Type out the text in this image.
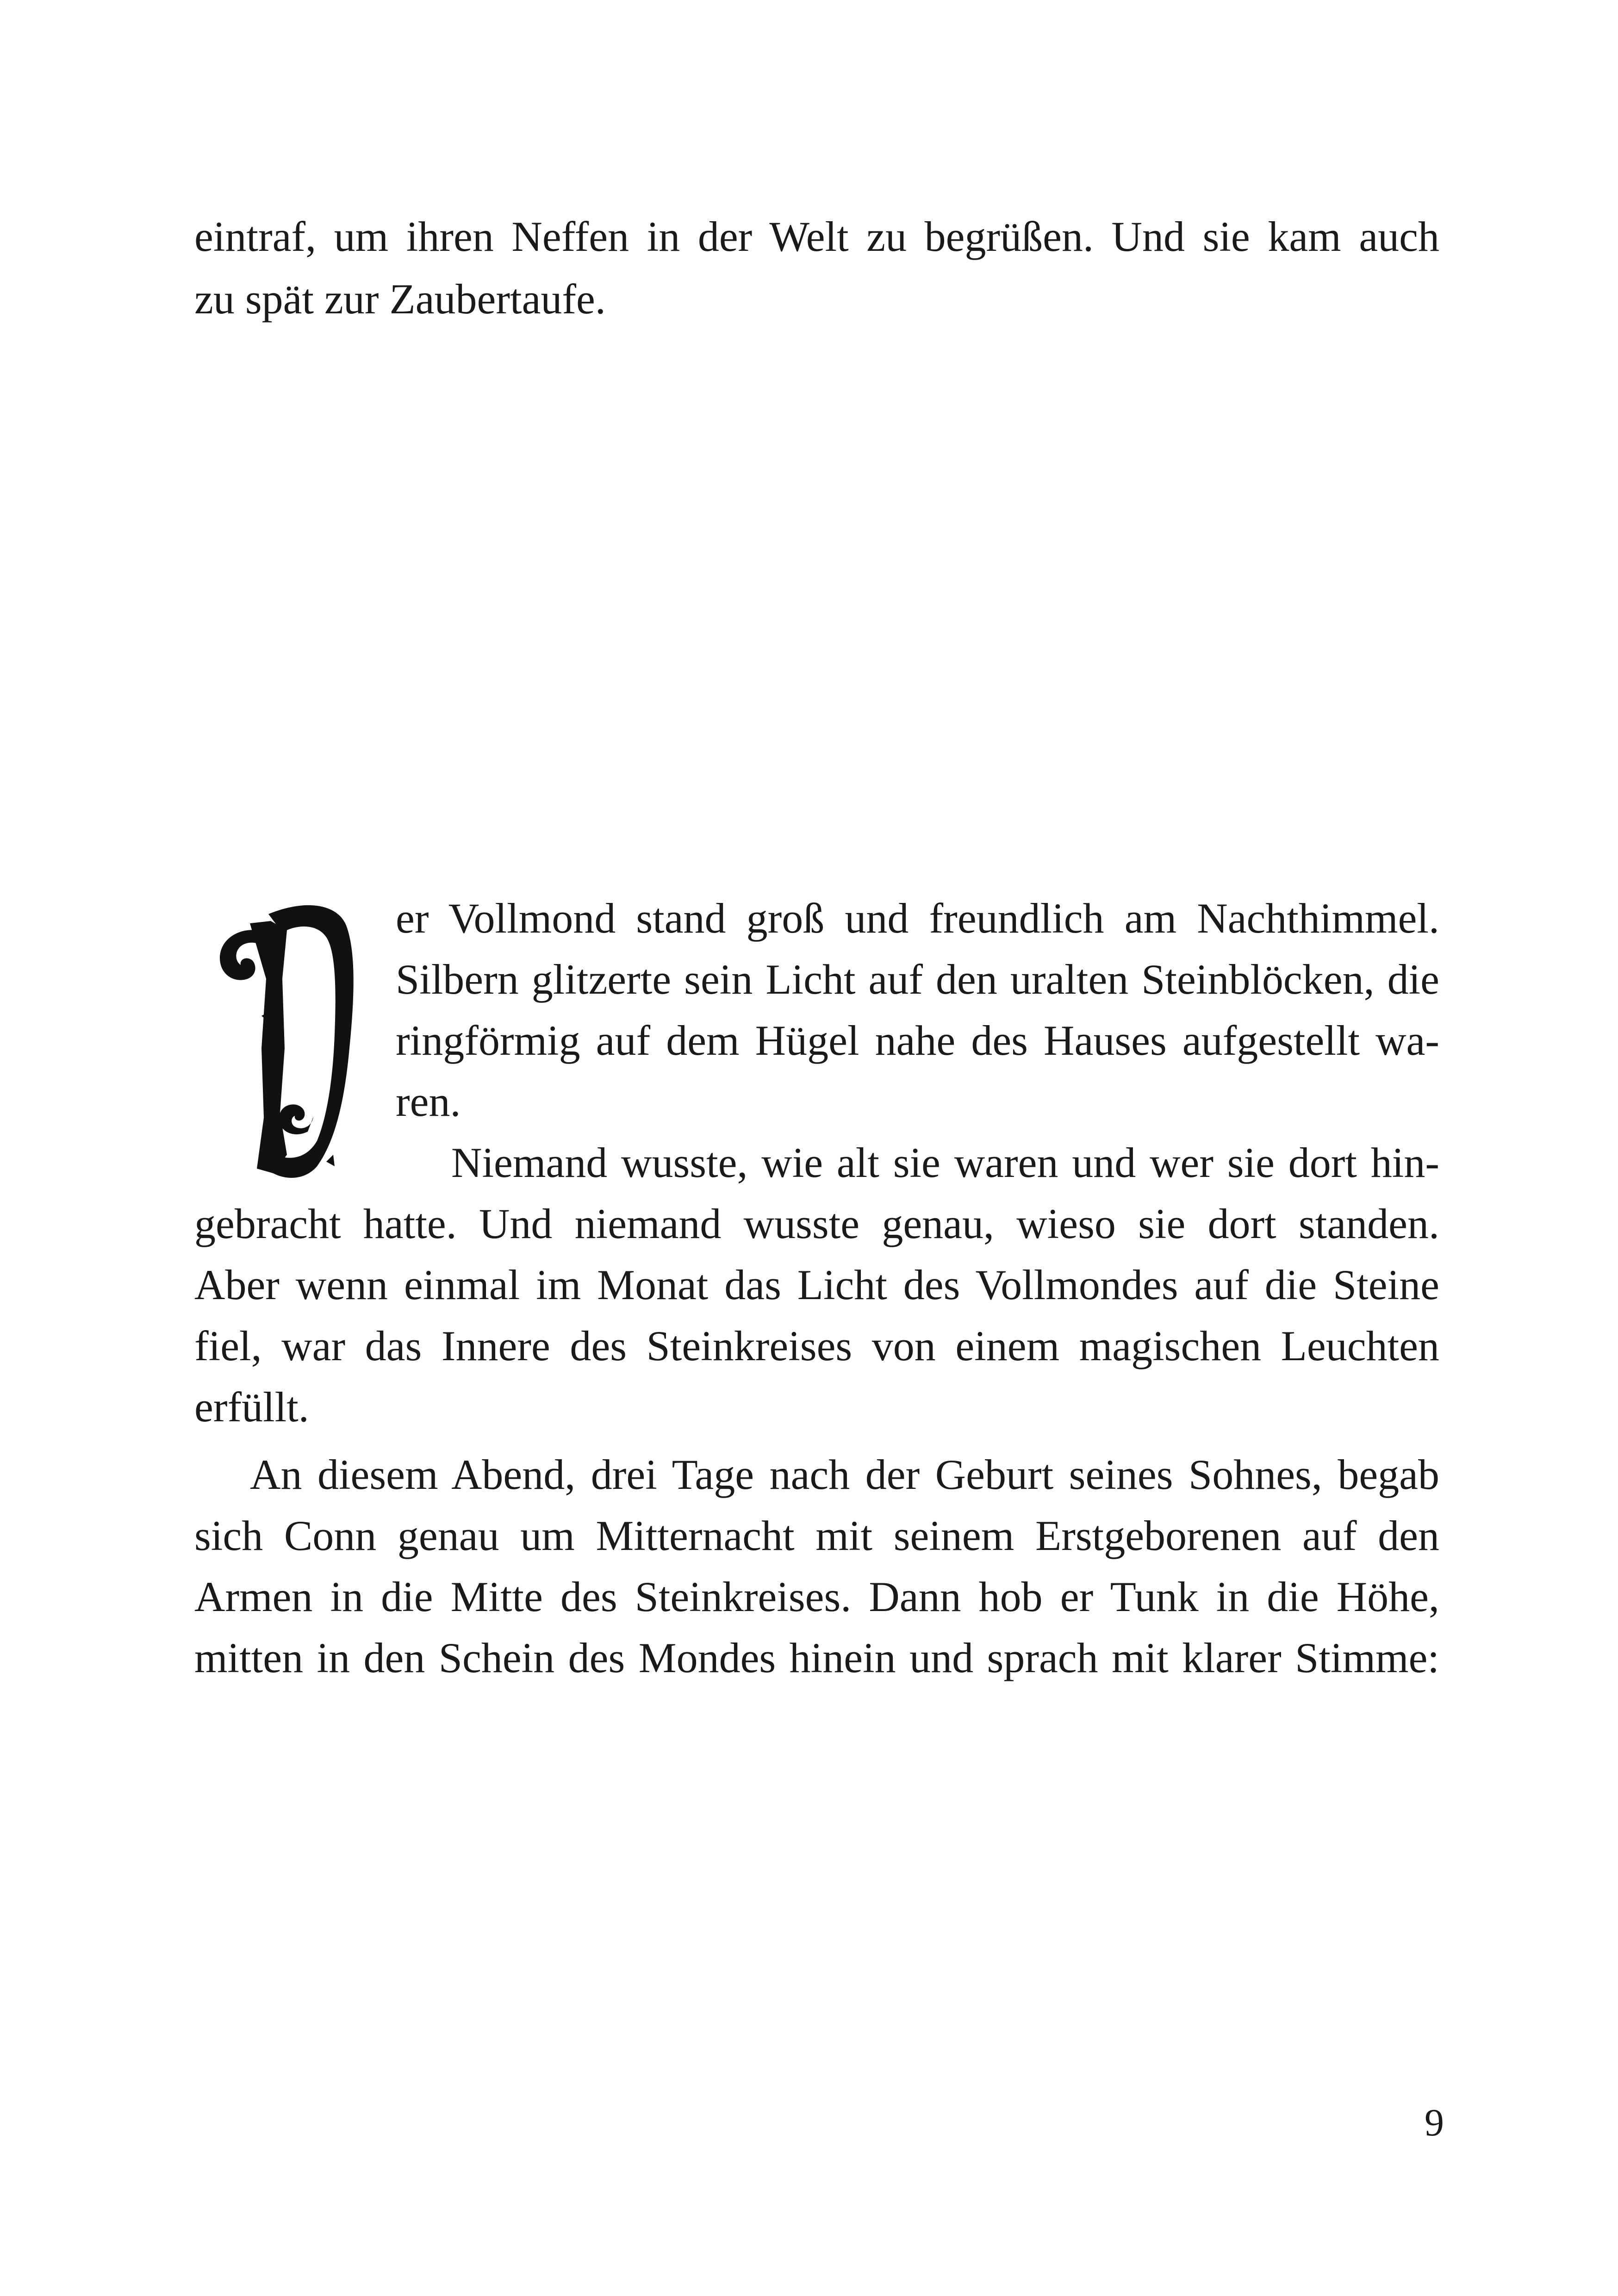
eintraf, um ihren Neffen in der Welt zu begrüßen. Und sie kam auch

zu spät zur Zaubertaufe.

er Vollmond stand groß und freundlich am Nachthimmel.

Silbern glitzerte sein Licht auf den uralten Steinblöcken, die

ringförmig auf dem Hügel nahe des Hauses aufgestellt wa-

ren.

Niemand wusste, wie alt sie waren und wer sie dort hin-

gebracht hatte. Und niemand wusste genau, wieso sie dort standen.

Aber wenn einmal im Monat das Licht des Vollmondes auf die Steine

fiel, war das Innere des Steinkreises von einem magischen Leuchten

erfüllt.

An diesem Abend, drei Tage nach der Geburt seines Sohnes, begab

sich Conn genau um Mitternacht mit seinem Erstgeborenen auf den

Armen in die Mitte des Steinkreises. Dann hob er Tunk in die Höhe,

mitten in den Schein des Mondes hinein und sprach mit klarer Stimme:

9
